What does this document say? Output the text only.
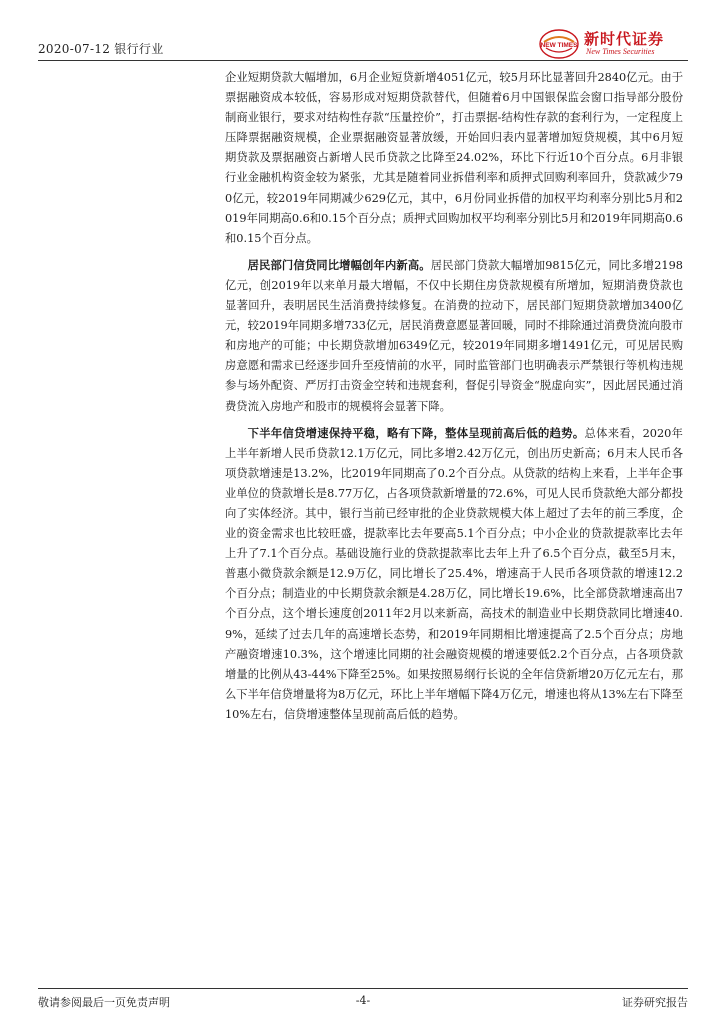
2020-07-12 银行行业	NEW TIMES 新时代证券
New Times Securities

企业短期贷款大幅增加，6月企业短贷新增4051亿元，较5月环比显著回升2840亿元。由于票据融资成本较低，容易形成对短期贷款替代，但随着6月中国银保监会窗口指导部分股份制商业银行，要求对结构性存款“压量控价”，打击票据-结构性存款的套利行为，一定程度上压降票据融资规模，企业票据融资显著放缓，开始回归表内显著增加短贷规模，其中6月短期贷款及票据融资占新增人民币贷款之比降至24.02%，环比下行近10个百分点。6月非银行业金融机构资金较为紧张，尤其是随着同业拆借利率和质押式回购利率回升，贷款减少790亿元，较2019年同期减少629亿元，其中，6月份同业拆借的加权平均利率分别比5月和2019年同期高0.6和0.15个百分点；质押式回购加权平均利率分别比5月和2019年同期高0.6和0.15个百分点。

居民部门信贷同比增幅创年内新高。居民部门贷款大幅增加9815亿元，同比多增2198亿元，创2019年以来单月最大增幅，不仅中长期住房贷款规模有所增加，短期消费贷款也显著回升，表明居民生活消费持续修复。在消费的拉动下，居民部门短期贷款增加3400亿元，较2019年同期多增733亿元，居民消费意愿显著回暖，同时不排除通过消费贷流向股市和房地产的可能；中长期贷款增加6349亿元，较2019年同期多增1491亿元，可见居民购房意愿和需求已经逐步回升至疫情前的水平，同时监管部门也明确表示严禁银行等机构违规参与场外配资、严厉打击资金空转和违规套利，督促引导资金“脱虚向实”，因此居民通过消费贷流入房地产和股市的规模将会显著下降。

下半年信贷增速保持平稳，略有下降，整体呈现前高后低的趋势。总体来看，2020年上半年新增人民币贷款12.1万亿元，同比多增2.42万亿元，创出历史新高；6月末人民币各项贷款增速是13.2%，比2019年同期高了0.2个百分点。从贷款的结构上来看，上半年企事业单位的贷款增长是8.77万亿，占各项贷款新增量的72.6%，可见人民币贷款绝大部分都投向了实体经济。其中，银行当前已经审批的企业贷款规模大体上超过了去年的前三季度，企业的资金需求也比较旺盛，提款率比去年要高5.1个百分点；中小企业的贷款提款率比去年上升了7.1个百分点。基础设施行业的贷款提款率比去年上升了6.5个百分点，截至5月末，普惠小微贷款余额是12.9万亿，同比增长了25.4%，增速高于人民币各项贷款的增速12.2个百分点；制造业的中长期贷款余额是4.28万亿，同比增长19.6%，比全部贷款增速高出7个百分点，这个增长速度创2011年2月以来新高，高技术的制造业中长期贷款同比增速40.9%，延续了过去几年的高速增长态势，和2019年同期相比增速提高了2.5个百分点；房地产融资增速10.3%，这个增速比同期的社会融资规模的增速要低2.2个百分点，占各项贷款增量的比例从43-44%下降至25%。如果按照易纲行长说的全年信贷新增20万亿元左右，那么下半年信贷增量将为8万亿元，环比上半年增幅下降4万亿元，增速也将从13%左右下降至10%左右，信贷增速整体呈现前高后低的趋势。

敬请参阅最后一页免责声明	-4-	证券研究报告
